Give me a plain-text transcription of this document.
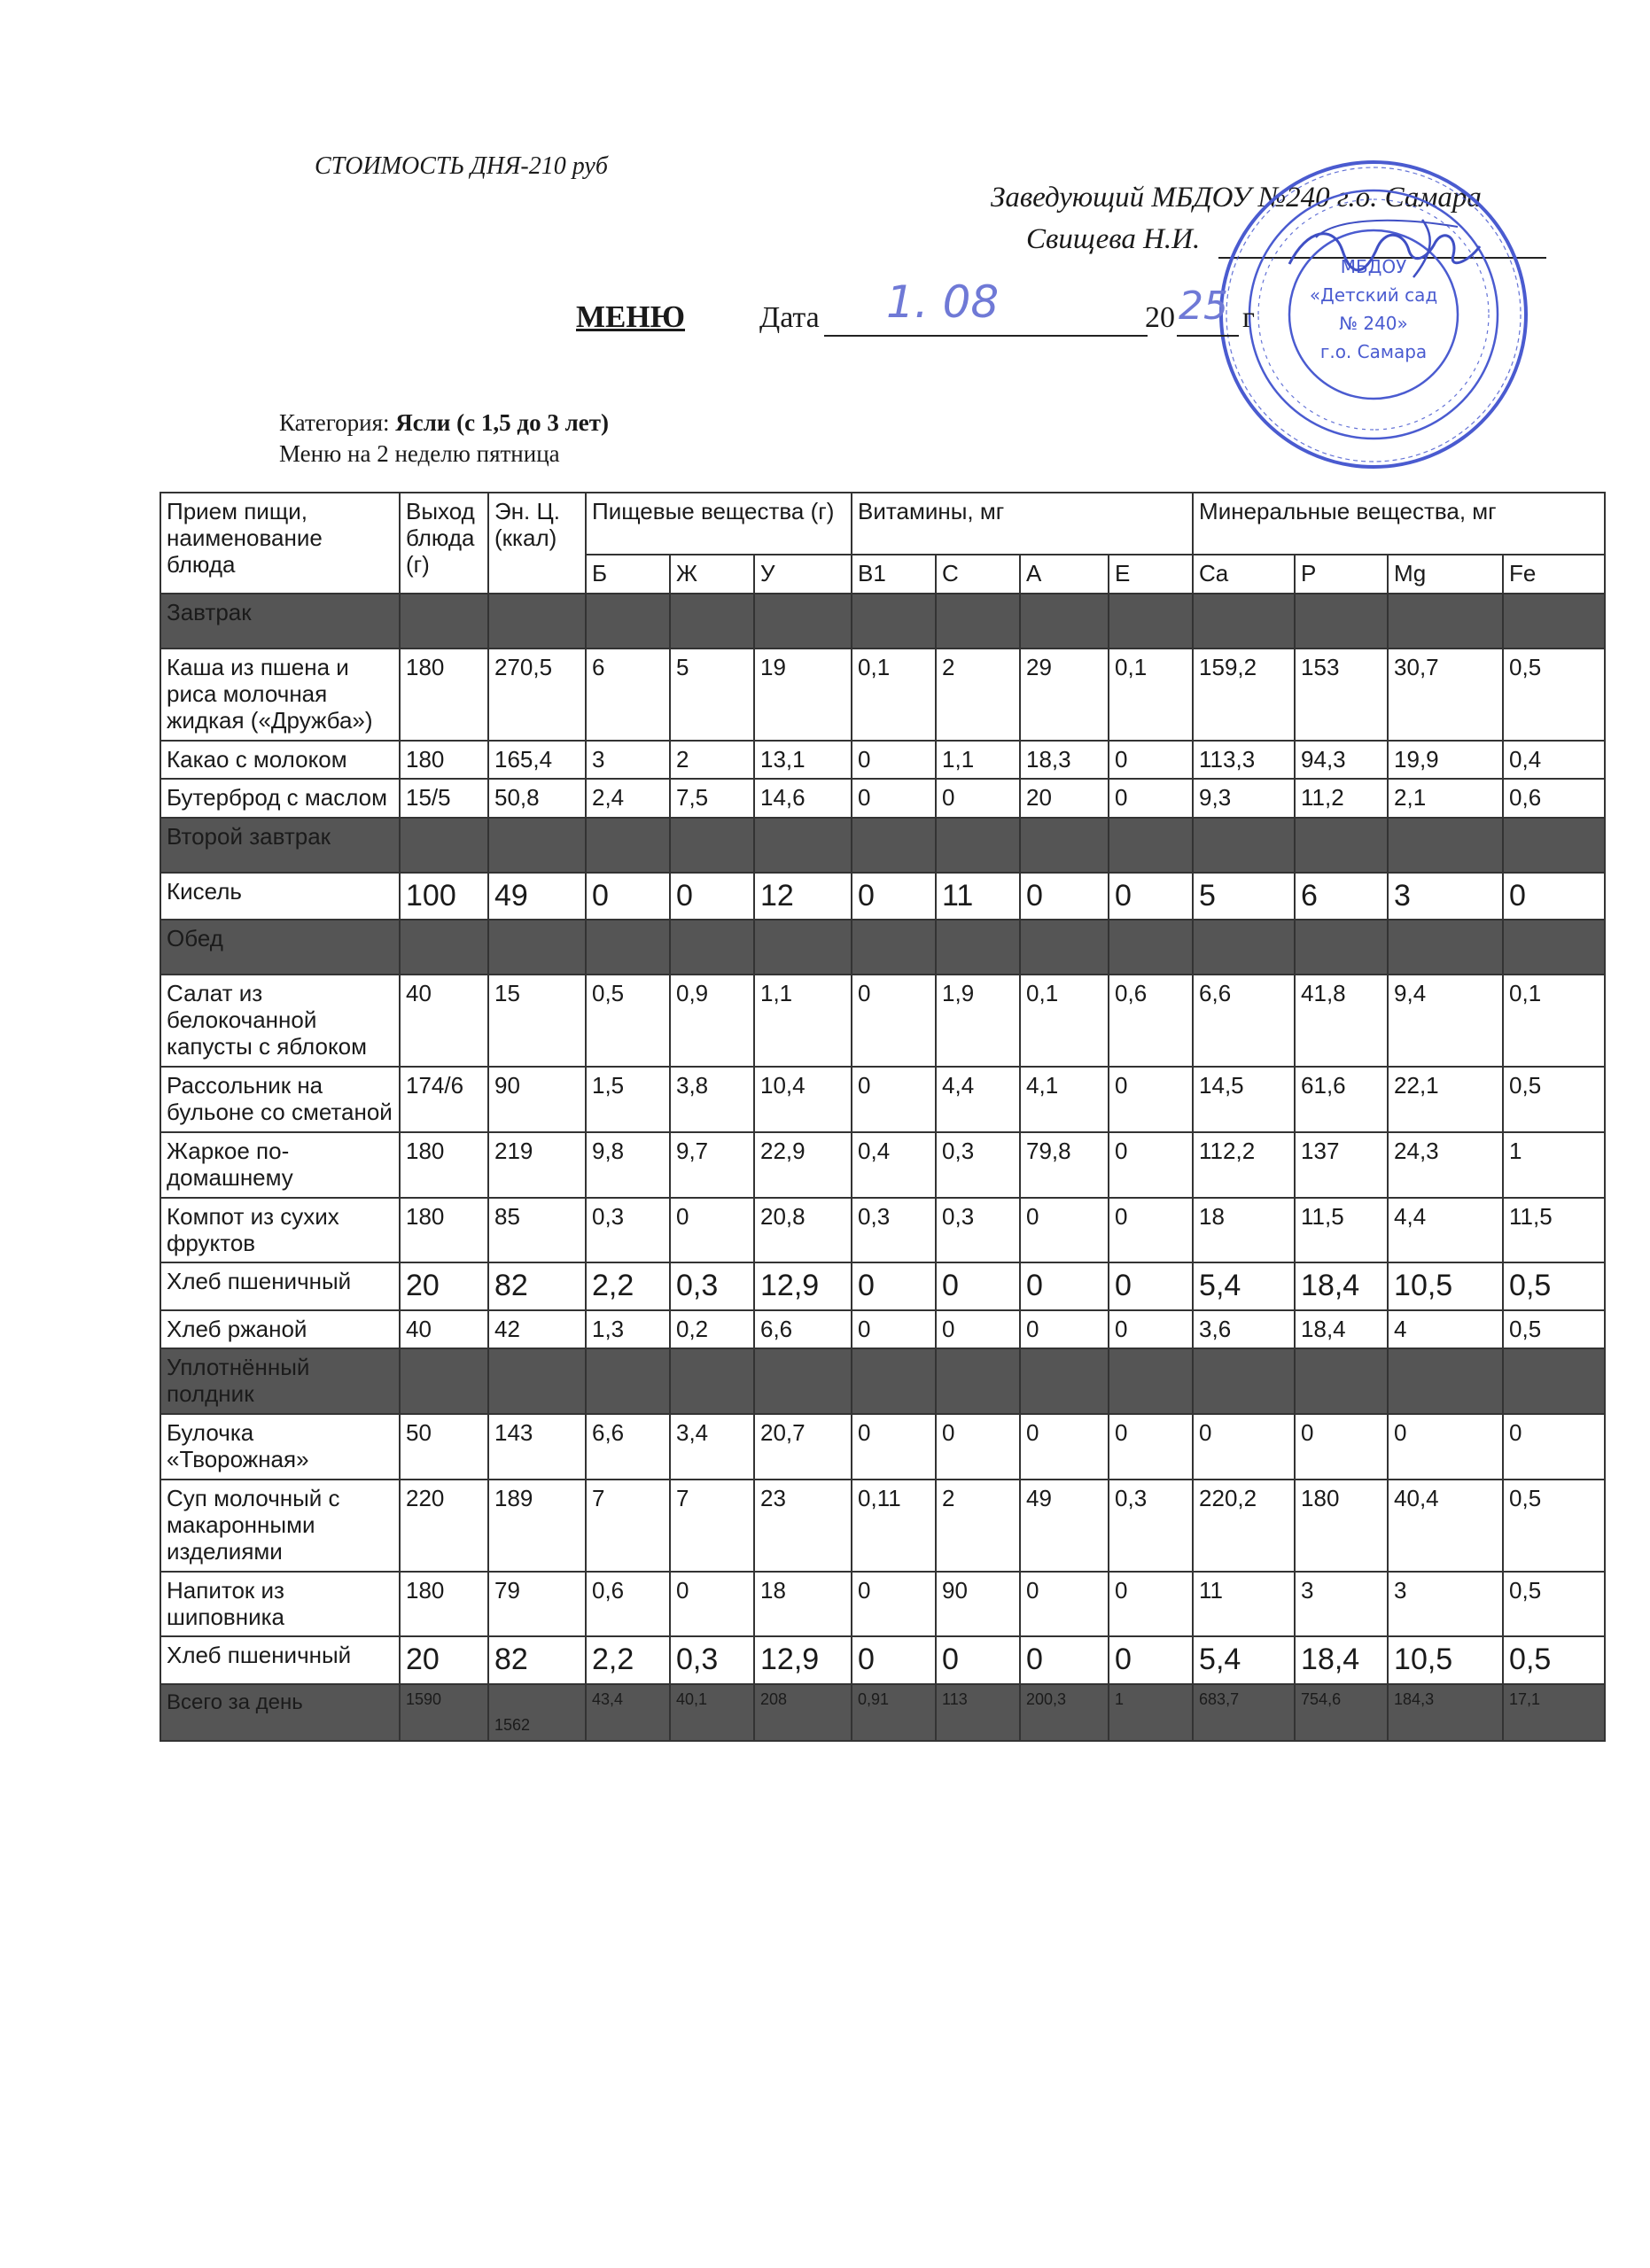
СТОИМОСТЬ ДНЯ-210 руб
Заведующий МБДОУ №240 г.о. Самара
Свищева Н.И.
МБДОУ
«Детский сад
№ 240»
г.о. Самара
МЕНЮ Дата 1. 08	20 25 г
Категория: Ясли (с 1,5 до 3 лет)
Меню на 2 неделю пятница
Прием пищи, наименование блюда	Выход блюда (г)	Эн. Ц. (ккал)	Пищевые вещества (г)			Витамины, мг				Минеральные вещества, мг			
			Б	Ж	У	B1	C	A	E	Ca	P	Mg	Fe
Завтрак													
Каша из пшена и риса молочная жидкая («Дружба»)	180	270,5	6	5	19	0,1	2	29	0,1	159,2	153	30,7	0,5
Какао с молоком	180	165,4	3	2	13,1	0	1,1	18,3	0	113,3	94,3	19,9	0,4
Бутерброд с маслом	15/5	50,8	2,4	7,5	14,6	0	0	20	0	9,3	11,2	2,1	0,6
Второй завтрак													
Кисель	100	49	0	0	12	0	11	0	0	5	6	3	0
Обед													
Салат из белокочанной капусты с яблоком	40	15	0,5	0,9	1,1	0	1,9	0,1	0,6	6,6	41,8	9,4	0,1
Рассольник на бульоне со сметаной	174/6	90	1,5	3,8	10,4	0	4,4	4,1	0	14,5	61,6	22,1	0,5
Жаркое по-домашнему	180	219	9,8	9,7	22,9	0,4	0,3	79,8	0	112,2	137	24,3	1
Компот из сухих фруктов	180	85	0,3	0	20,8	0,3	0,3	0	0	18	11,5	4,4	11,5
Хлеб пшеничный	20	82	2,2	0,3	12,9	0	0	0	0	5,4	18,4	10,5	0,5
Хлеб ржаной	40	42	1,3	0,2	6,6	0	0	0	0	3,6	18,4	4	0,5
Уплотнённый полдник													
Булочка «Творожная»	50	143	6,6	3,4	20,7	0	0	0	0	0	0	0	0
Суп молочный с макаронными изделиями	220	189	7	7	23	0,11	2	49	0,3	220,2	180	40,4	0,5
Напиток из шиповника	180	79	0,6	0	18	0	90	0	0	11	3	3	0,5
Хлеб пшеничный	20	82	2,2	0,3	12,9	0	0	0	0	5,4	18,4	10,5	0,5
Всего за день	1590	1562	43,4	40,1	208	0,91	113	200,3	1	683,7	754,6	184,3	17,1
